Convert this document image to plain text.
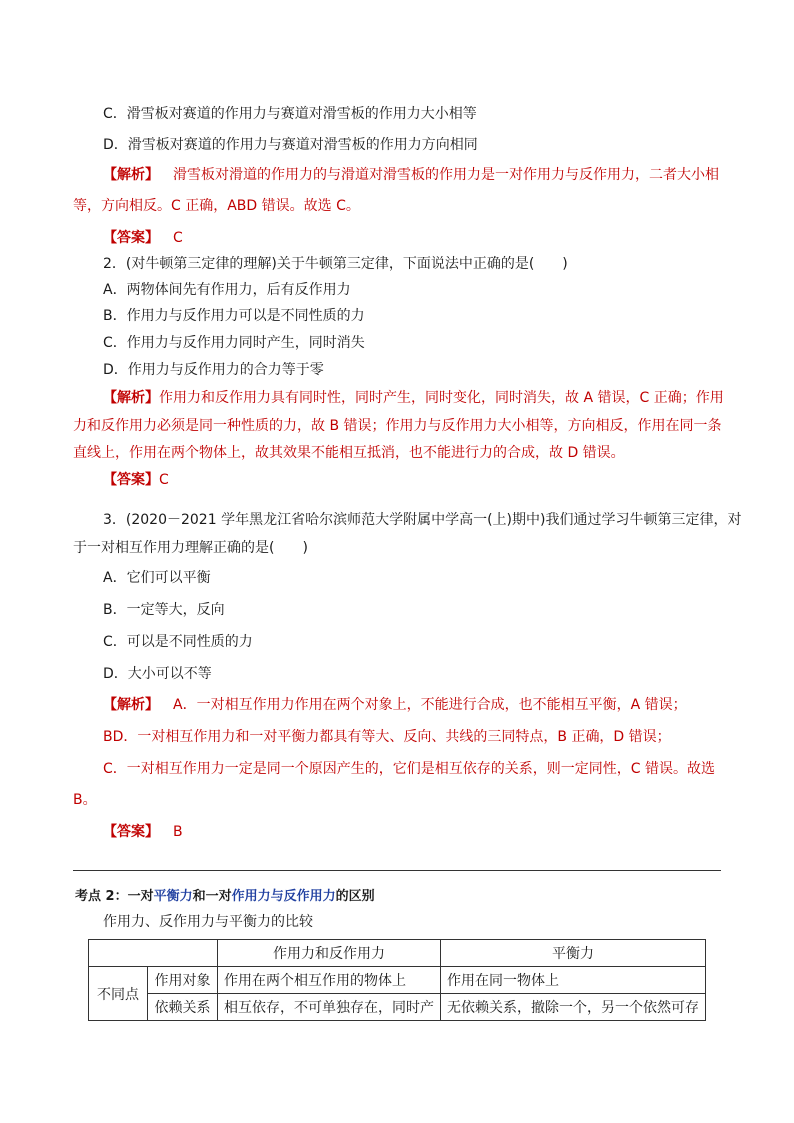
C．滑雪板对赛道的作用力与赛道对滑雪板的作用力大小相等
D．滑雪板对赛道的作用力与赛道对滑雪板的作用力方向相同
【解析】 滑雪板对滑道的作用力的与滑道对滑雪板的作用力是一对作用力与反作用力，二者大小相
等，方向相反。C 正确，ABD 错误。故选 C。
【答案】 C
2．(对牛顿第三定律的理解)关于牛顿第三定律，下面说法中正确的是(　　)
A．两物体间先有作用力，后有反作用力
B．作用力与反作用力可以是不同性质的力
C．作用力与反作用力同时产生，同时消失
D．作用力与反作用力的合力等于零
【解析】作用力和反作用力具有同时性，同时产生，同时变化，同时消失，故 A 错误，C 正确；作用
力和反作用力必须是同一种性质的力，故 B 错误；作用力与反作用力大小相等，方向相反，作用在同一条
直线上，作用在两个物体上，故其效果不能相互抵消，也不能进行力的合成，故 D 错误。
【答案】C
3．(2020－2021 学年黑龙江省哈尔滨师范大学附属中学高一(上)期中)我们通过学习牛顿第三定律，对
于一对相互作用力理解正确的是(　　)
A．它们可以平衡
B．一定等大，反向
C．可以是不同性质的力
D．大小可以不等
【解析】 A．一对相互作用力作用在两个对象上，不能进行合成，也不能相互平衡，A 错误；
BD．一对相互作用力和一对平衡力都具有等大、反向、共线的三同特点，B 正确，D 错误；
C．一对相互作用力一定是同一个原因产生的，它们是相互依存的关系，则一定同性，C 错误。故选
B。
【答案】 B
考点 2：一对平衡力和一对作用力与反作用力的区别
作用力、反作用力与平衡力的比较
		作用力和反作用力	平衡力
不同点	作用对象	作用在两个相互作用的物体上	作用在同一物体上
	依赖关系	相互依存，不可单独存在，同时产	无依赖关系，撤除一个，另一个依然可存
